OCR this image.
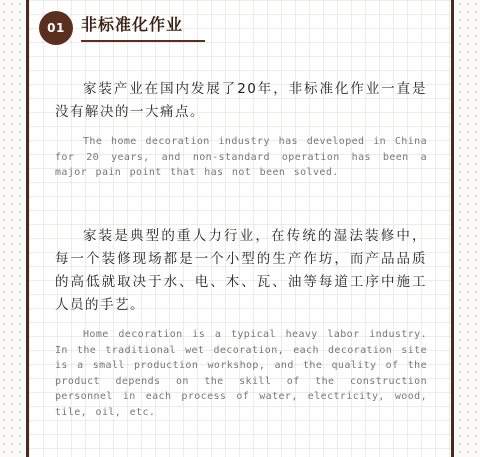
01	非标准化作业

家装产业在国内发展了20年，非标准化作业一直是没有解决的一大痛点。

The home decoration industry has developed in China for 20 years, and non-standard operation has been a major pain point that has not been solved.

家装是典型的重人力行业，在传统的湿法装修中，每一个装修现场都是一个小型的生产作坊，而产品品质的高低就取决于水、电、木、瓦、油等每道工序中施工人员的手艺。

Home decoration is a typical heavy labor industry. In the traditional wet decoration, each decoration site is a small production workshop, and the quality of the product depends on the skill of the construction personnel in each process of water, electricity, wood, tile, oil, etc.
